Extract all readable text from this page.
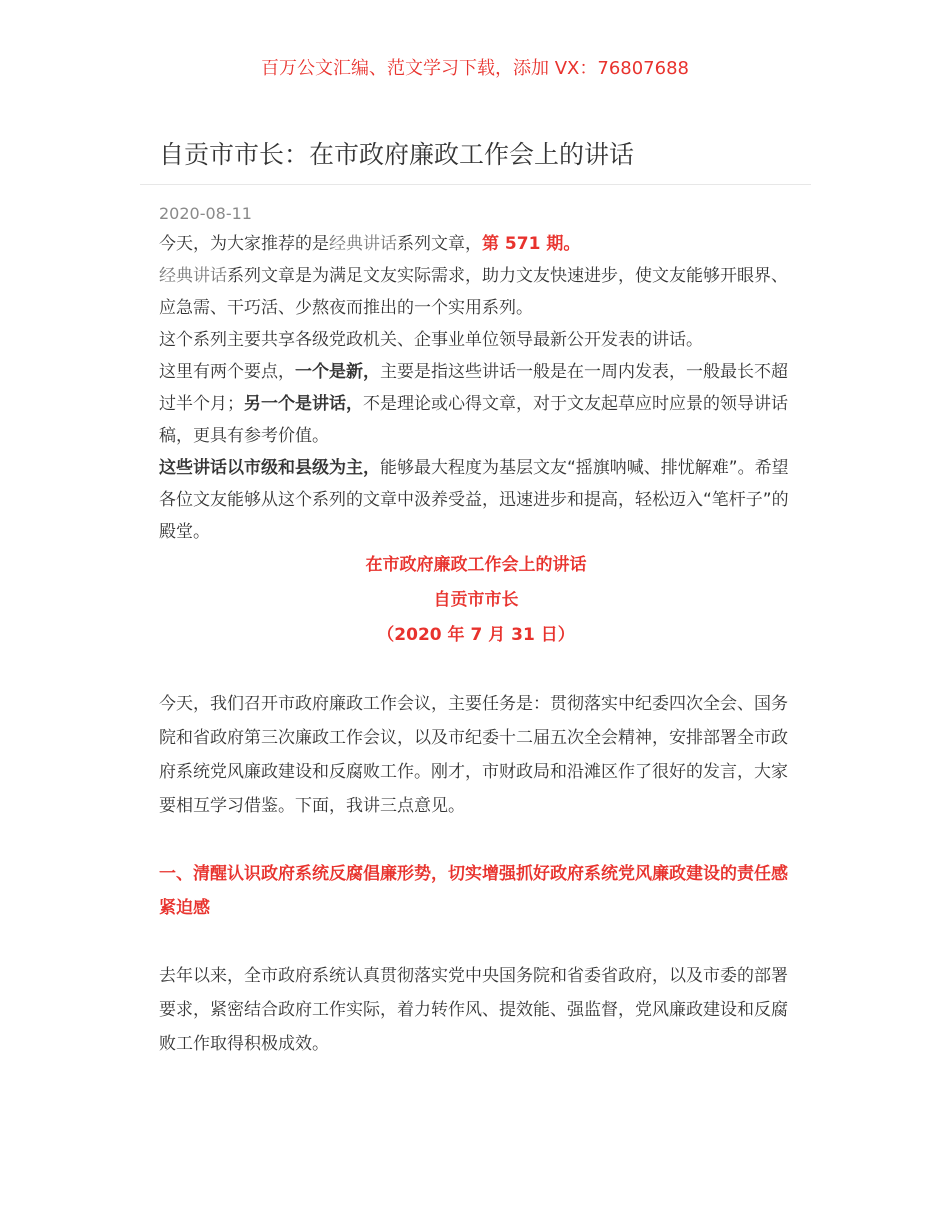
百万公文汇编、范文学习下载，添加 VX：76807688
自贡市市长：在市政府廉政工作会上的讲话
2020-08-11

今天，为大家推荐的是经典讲话系列文章，第 571 期。

经典讲话系列文章是为满足文友实际需求，助力文友快速进步，使文友能够开眼界、应急需、干巧活、少熬夜而推出的一个实用系列。

这个系列主要共享各级党政机关、企事业单位领导最新公开发表的讲话。

这里有两个要点，一个是新，主要是指这些讲话一般是在一周内发表，一般最长不超过半个月；另一个是讲话，不是理论或心得文章，对于文友起草应时应景的领导讲话稿，更具有参考价值。

这些讲话以市级和县级为主，能够最大程度为基层文友“摇旗呐喊、排忧解难”。希望各位文友能够从这个系列的文章中汲养受益，迅速进步和提高，轻松迈入“笔杆子”的殿堂。

在市政府廉政工作会上的讲话

自贡市市长

（2020 年 7 月 31 日）

今天，我们召开市政府廉政工作会议，主要任务是：贯彻落实中纪委四次全会、国务院和省政府第三次廉政工作会议，以及市纪委十二届五次全会精神，安排部署全市政府系统党风廉政建设和反腐败工作。刚才，市财政局和沿滩区作了很好的发言，大家要相互学习借鉴。下面，我讲三点意见。

一、清醒认识政府系统反腐倡廉形势，切实增强抓好政府系统党风廉政建设的责任感紧迫感

去年以来，全市政府系统认真贯彻落实党中央国务院和省委省政府，以及市委的部署要求，紧密结合政府工作实际，着力转作风、提效能、强监督，党风廉政建设和反腐败工作取得积极成效。
